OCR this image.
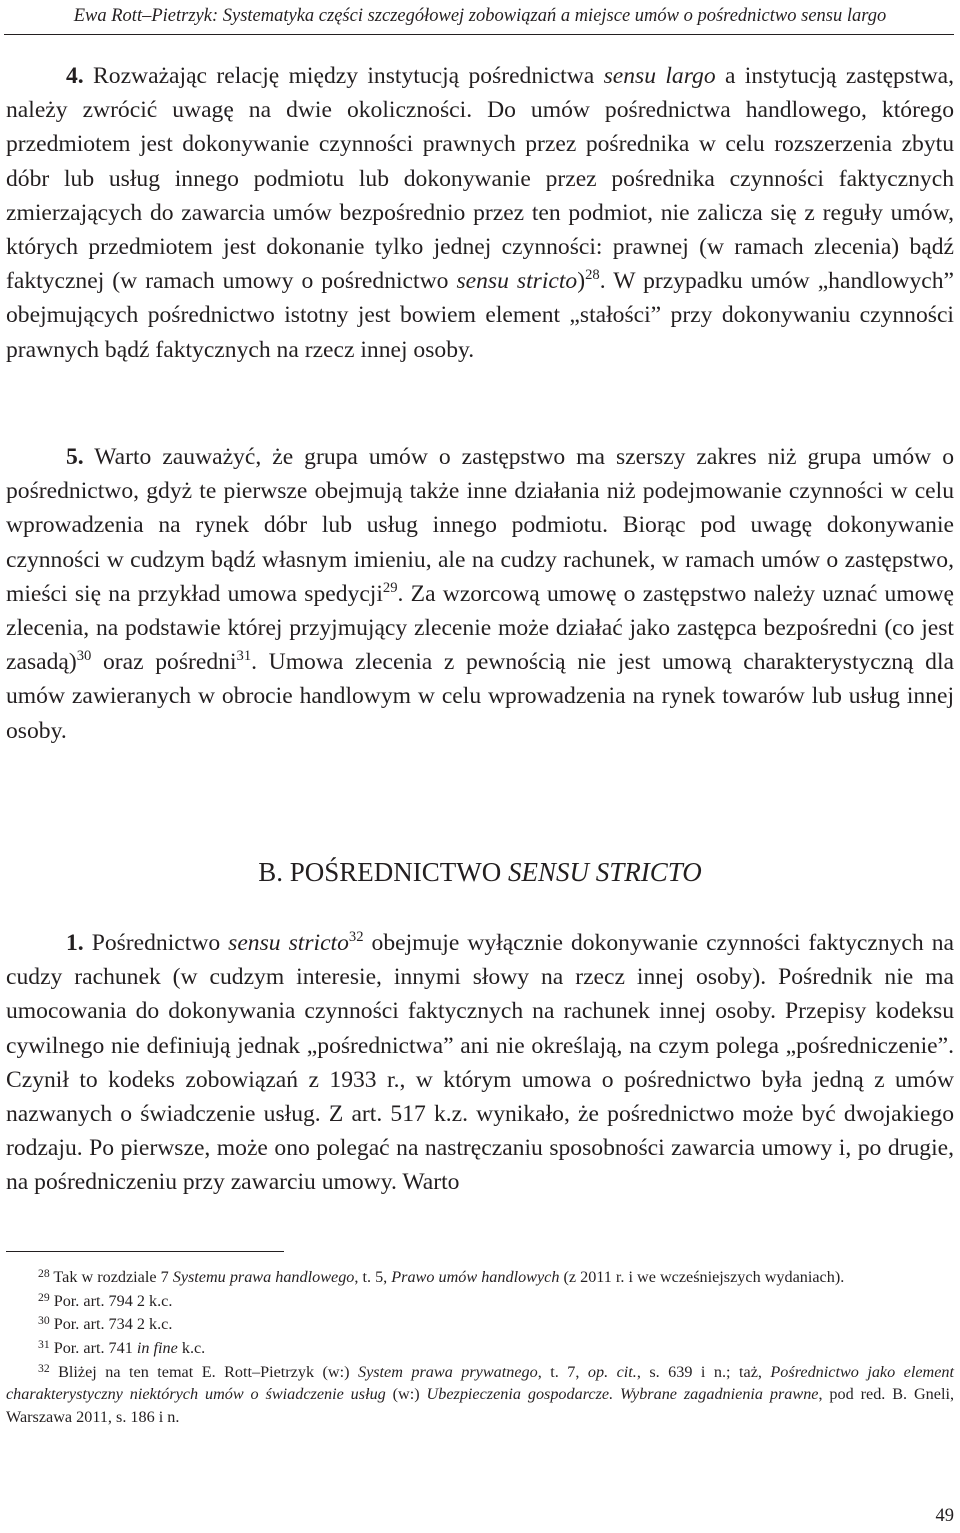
Ewa Rott–Pietrzyk: Systematyka części szczegółowej zobowiązań a miejsce umów o pośrednictwo sensu largo

4. Rozważając relację między instytucją pośrednictwa sensu largo a instytucją zastępstwa, należy zwrócić uwagę na dwie okoliczności. Do umów pośrednictwa handlowego, którego przedmiotem jest dokonywanie czynności prawnych przez pośrednika w celu rozszerzenia zbytu dóbr lub usług innego podmiotu lub dokonywanie przez pośrednika czynności faktycznych zmierzających do zawarcia umów bezpośrednio przez ten podmiot, nie zalicza się z reguły umów, których przedmiotem jest dokonanie tylko jednej czynności: prawnej (w ramach zlecenia) bądź faktycznej (w ramach umowy o pośrednictwo sensu stricto)$^{28}$. W przypadku umów „handlowych” obejmujących pośrednictwo istotny jest bowiem element „stałości” przy dokonywaniu czynności prawnych bądź faktycznych na rzecz innej osoby.

5. Warto zauważyć, że grupa umów o zastępstwo ma szerszy zakres niż grupa umów o pośrednictwo, gdyż te pierwsze obejmują także inne działania niż podejmowanie czynności w celu wprowadzenia na rynek dóbr lub usług innego podmiotu. Biorąc pod uwagę dokonywanie czynności w cudzym bądź własnym imieniu, ale na cudzy rachunek, w ramach umów o zastępstwo, mieści się na przykład umowa spedycji$^{29}$. Za wzorcową umowę o zastępstwo należy uznać umowę zlecenia, na podstawie której przyjmujący zlecenie może działać jako zastępca bezpośredni (co jest zasadą)$^{30}$ oraz pośredni$^{31}$. Umowa zlecenia z pewnością nie jest umową charakterystyczną dla umów zawieranych w obrocie handlowym w celu wprowadzenia na rynek towarów lub usług innej osoby.

B. POŚREDNICTWO SENSU STRICTO

1. Pośrednictwo sensu stricto$^{32}$ obejmuje wyłącznie dokonywanie czynności faktycznych na cudzy rachunek (w cudzym interesie, innymi słowy na rzecz innej osoby). Pośrednik nie ma umocowania do dokonywania czynności faktycznych na rachunek innej osoby. Przepisy kodeksu cywilnego nie definiują jednak „pośrednictwa” ani nie określają, na czym polega „pośredniczenie”. Czynił to kodeks zobowiązań z 1933 r., w którym umowa o pośrednictwo była jedną z umów nazwanych o świadczenie usług. Z art. 517 k.z. wynikało, że pośrednictwo może być dwojakiego rodzaju. Po pierwsze, może ono polegać na nastręczaniu sposobności zawarcia umowy i, po drugie, na pośredniczeniu przy zawarciu umowy. Warto

$^{28}$ Tak w rozdziale 7 Systemu prawa handlowego, t. 5, Prawo umów handlowych (z 2011 r. i we wcześniejszych wydaniach).

$^{29}$ Por. art. 794 2 k.c.

$^{30}$ Por. art. 734 2 k.c.

$^{31}$ Por. art. 741 in fine k.c.

$^{32}$ Bliżej na ten temat E. Rott–Pietrzyk (w:) System prawa prywatnego, t. 7, op. cit., s. 639 i n.; taż, Pośrednictwo jako element charakterystyczny niektórych umów o świadczenie usług (w:) Ubezpieczenia gospodarcze. Wybrane zagadnienia prawne, pod red. B. Gneli, Warszawa 2011, s. 186 i n.

49
